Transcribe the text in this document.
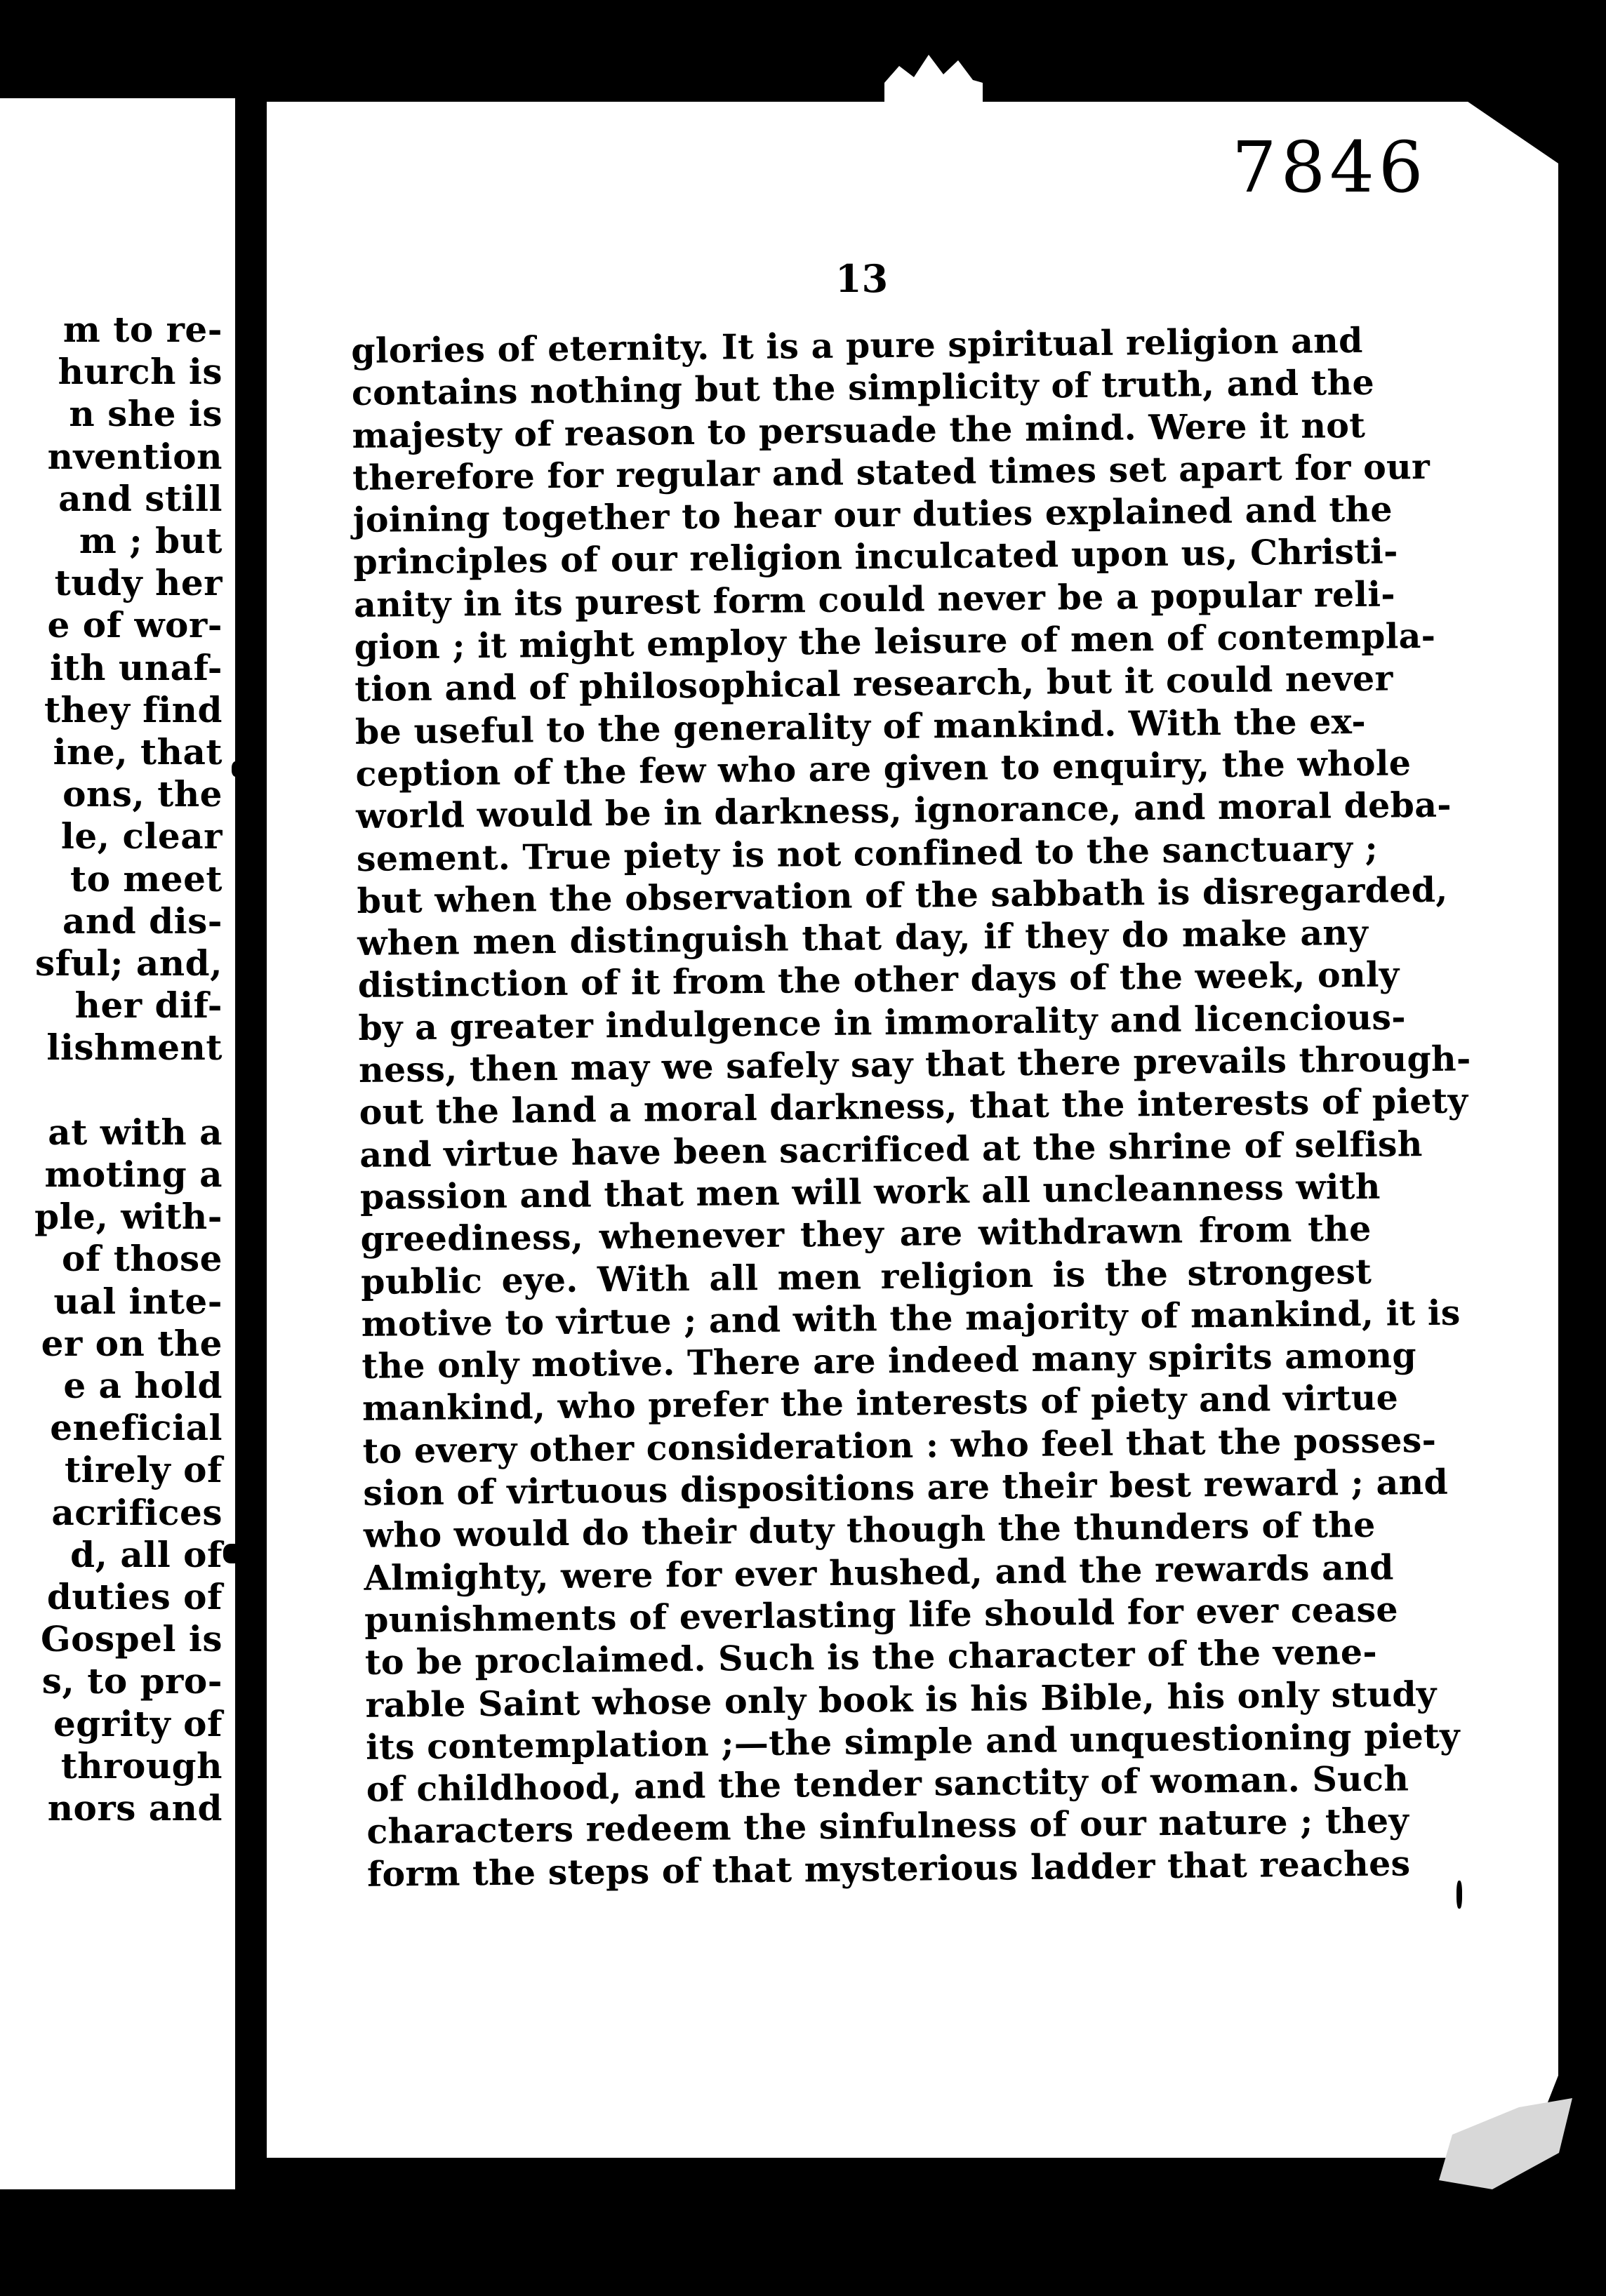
m to re-
hurch is
n she is
nvention
and still
m ; but
tudy her
e of wor-
ith unaf-
they find
ine, that
ons, the
le, clear
to meet
and dis-
sful; and,
her dif-
lishment
at with a
moting a
ple, with-
of those
ual inte-
er on the
e a hold
eneficial
tirely of
acrifices
d, all of
duties of
Gospel is
s, to pro-
egrity of
through
nors and
7846
13
glories of eternity. It is a pure spiritual religion and
contains nothing but the simplicity of truth, and the
majesty of reason to persuade the mind. Were it not
therefore for regular and stated times set apart for our
joining together to hear our duties explained and the
principles of our religion inculcated upon us, Christi-
anity in its purest form could never be a popular reli-
gion ; it might employ the leisure of men of contempla-
tion and of philosophical research, but it could never
be useful to the generality of mankind. With the ex-
ception of the few who are given to enquiry, the whole
world would be in darkness, ignorance, and moral deba-
sement. True piety is not confined to the sanctuary ;
but when the observation of the sabbath is disregarded,
when men distinguish that day, if they do make any
distinction of it from the other days of the week, only
by a greater indulgence in immorality and licencious-
ness, then may we safely say that there prevails through-
out the land a moral darkness, that the interests of piety
and virtue have been sacrificed at the shrine of selfish
passion and that men will work all uncleanness with
greediness, whenever they are withdrawn from the
public eye. With all men religion is the strongest
motive to virtue ; and with the majority of mankind, it is
the only motive. There are indeed many spirits among
mankind, who prefer the interests of piety and virtue
to every other consideration : who feel that the posses-
sion of virtuous dispositions are their best reward ; and
who would do their duty though the thunders of the
Almighty, were for ever hushed, and the rewards and
punishments of everlasting life should for ever cease
to be proclaimed. Such is the character of the vene-
rable Saint whose only book is his Bible, his only study
its contemplation ;—the simple and unquestioning piety
of childhood, and the tender sanctity of woman. Such
characters redeem the sinfulness of our nature ; they
form the steps of that mysterious ladder that reaches
